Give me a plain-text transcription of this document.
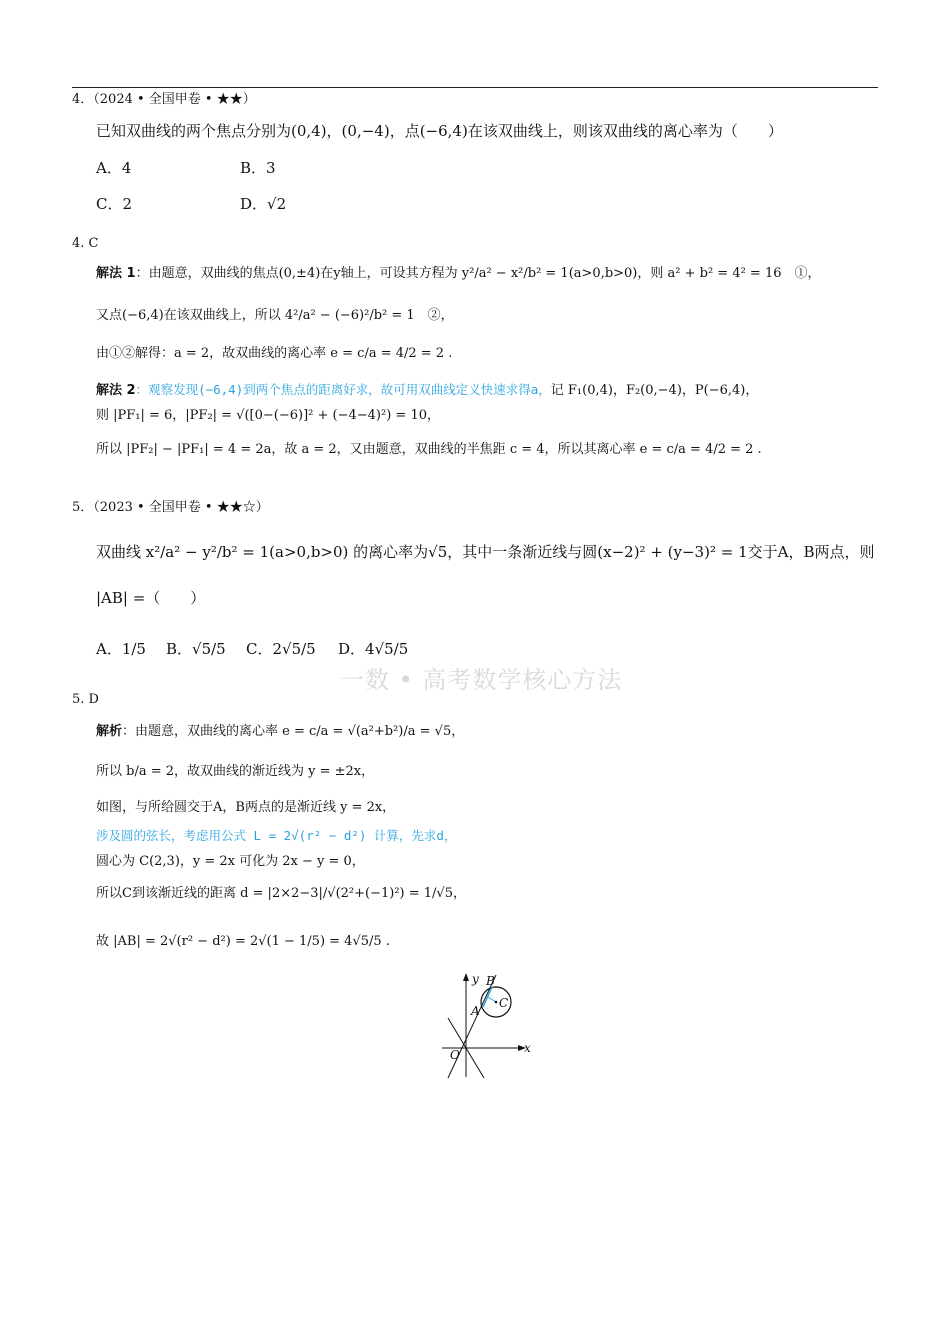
4．（2024 • 全国甲卷 • ★★）
已知双曲线的两个焦点分别为(0,4)，(0,−4)，点(−6,4)在该双曲线上，则该双曲线的离心率为（　　）
A．4	B．3
C．2	D．√2
4. C
解法 1：由题意，双曲线的焦点(0,±4)在y轴上，可设其方程为 y²/a² − x²/b² = 1(a>0,b>0)，则 a² + b² = 4² = 16　①，
又点(−6,4)在该双曲线上，所以 4²/a² − (−6)²/b² = 1　②，
由①②解得：a = 2，故双曲线的离心率 e = c/a = 4/2 = 2 .
解法 2：观察发现(−6,4)到两个焦点的距离好求，故可用双曲线定义快速求得a，记 F₁(0,4)，F₂(0,−4)，P(−6,4)，
则 |PF₁| = 6，|PF₂| = √([0−(−6)]² + (−4−4)²) = 10，
所以 |PF₂| − |PF₁| = 4 = 2a，故 a = 2，又由题意，双曲线的半焦距 c = 4，所以其离心率 e = c/a = 4/2 = 2 .
5．（2023 • 全国甲卷 • ★★☆）
双曲线 x²/a² − y²/b² = 1(a>0,b>0) 的离心率为√5，其中一条渐近线与圆(x−2)² + (y−3)² = 1交于A，B两点，则
|AB| =（　　）
A．1/5 B．√5/5 C．2√5/5 D．4√5/5
一数 • 高考数学核心方法
5. D
解析：由题意，双曲线的离心率 e = c/a = √(a²+b²)/a = √5，
所以 b/a = 2，故双曲线的渐近线为 y = ±2x，
如图，与所给圆交于A，B两点的是渐近线 y = 2x，
涉及圆的弦长，考虑用公式 L = 2√(r² − d²) 计算，先求d，
圆心为 C(2,3)，y = 2x 可化为 2x − y = 0，
所以C到该渐近线的距离 d = |2×2−3|/√(2²+(−1)²) = 1/√5，
故 |AB| = 2√(r² − d²) = 2√(1 − 1/5) = 4√5/5 .
y
x
O
A
B
C
